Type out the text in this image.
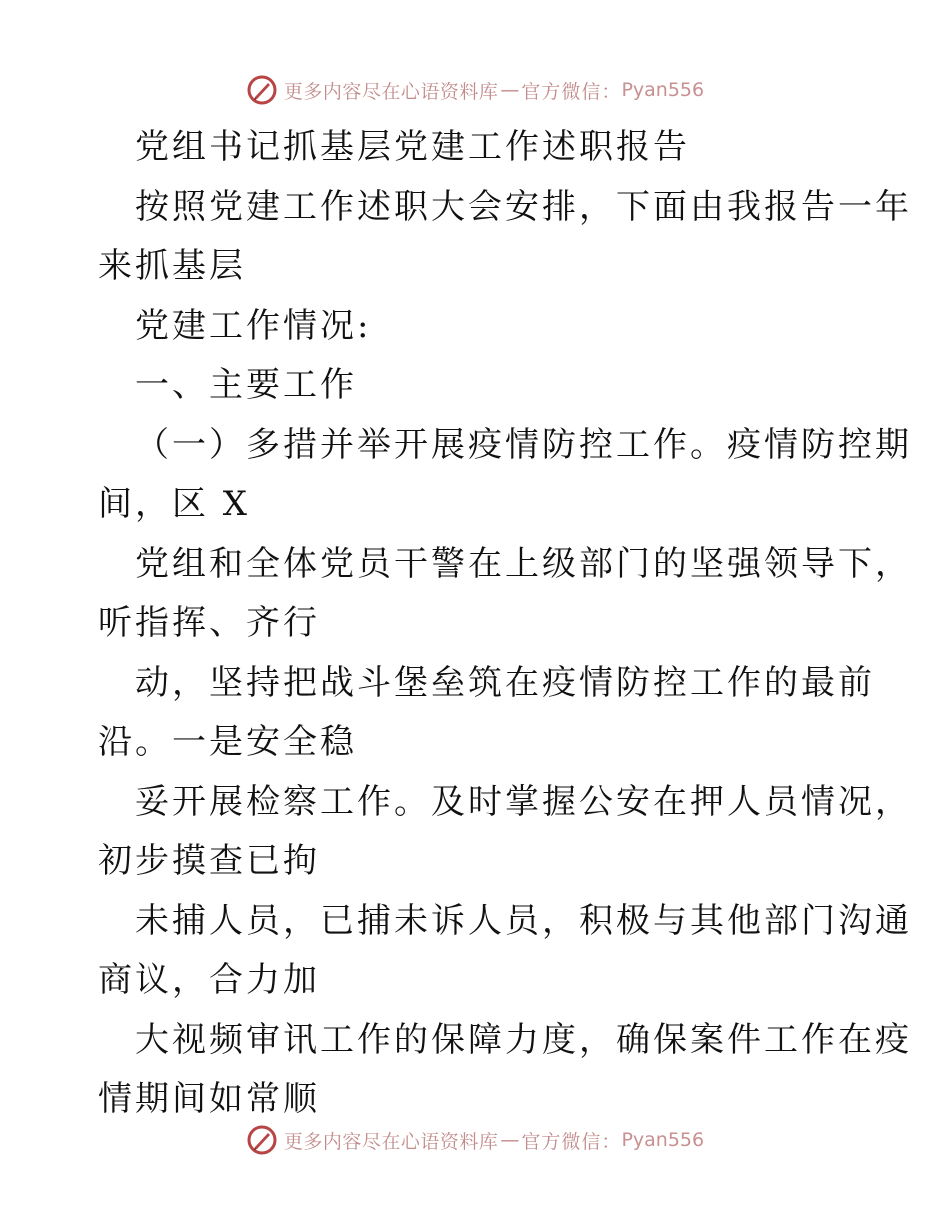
更多内容尽在心语资料库 — 官方微信： Pyan556
党组书记抓基层党建工作述职报告
按照党建工作述职大会安排，下面由我报告一年
来抓基层
党建工作情况:
一、主要工作
（一）多措并举开展疫情防控工作。疫情防控期
间，区 X
党组和全体党员干警在上级部门的坚强领导下，
听指挥、齐行
动，坚持把战斗堡垒筑在疫情防控工作的最前
沿。一是安全稳
妥开展检察工作。及时掌握公安在押人员情况，
初步摸查已拘
未捕人员，已捕未诉人员，积极与其他部门沟通
商议，合力加
大视频审讯工作的保障力度，确保案件工作在疫
情期间如常顺
更多内容尽在心语资料库 — 官方微信： Pyan556
